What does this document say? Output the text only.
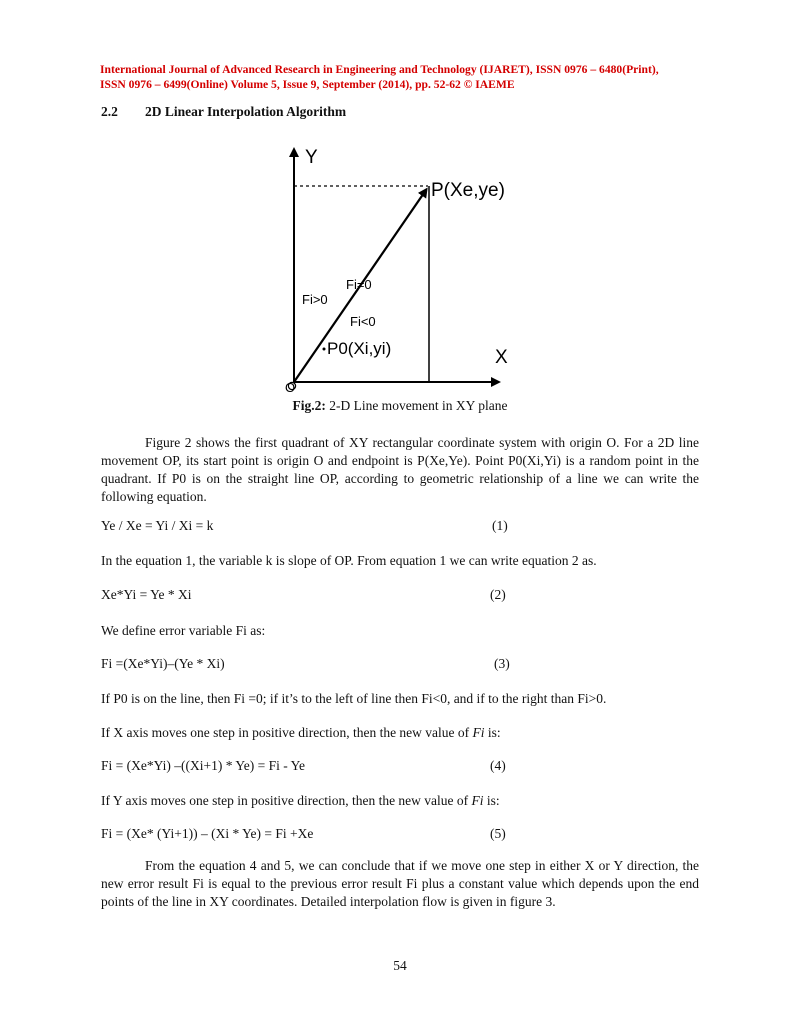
International Journal of Advanced Research in Engineering and Technology (IJARET), ISSN 0976 – 6480(Print),
ISSN 0976 – 6499(Online) Volume 5, Issue 9, September (2014), pp. 52-62 © IAEME
2.2 2D Linear Interpolation Algorithm
Y
X
O
P(Xe,ye)
Fi=0
Fi>0
Fi<0
P0(Xi,yi)
Fig.2: 2-D Line movement in XY plane
Figure 2 shows the first quadrant of XY rectangular coordinate system with origin O. For a 2D line movement OP, its start point is origin O and endpoint is P(Xe,Ye). Point P0(Xi,Yi) is a random point in the quadrant. If P0 is on the straight line OP, according to geometric relationship of a line we can write the following equation.
Ye / Xe = Yi / Xi = k	(1)
In the equation 1, the variable k is slope of OP. From equation 1 we can write equation 2 as.
Xe*Yi = Ye * Xi	(2)
We define error variable Fi as:
Fi =(Xe*Yi)–(Ye * Xi)	(3)
If P0 is on the line, then Fi =0; if it’s to the left of line then Fi<0, and if to the right than Fi>0.
If X axis moves one step in positive direction, then the new value of Fi is:
Fi = (Xe*Yi) –((Xi+1) * Ye) = Fi - Ye	(4)
If Y axis moves one step in positive direction, then the new value of Fi is:
Fi = (Xe* (Yi+1)) – (Xi * Ye) = Fi +Xe	(5)
From the equation 4 and 5, we can conclude that if we move one step in either X or Y direction, the new error result Fi is equal to the previous error result Fi plus a constant value which depends upon the end points of the line in XY coordinates. Detailed interpolation flow is given in figure 3.
54
